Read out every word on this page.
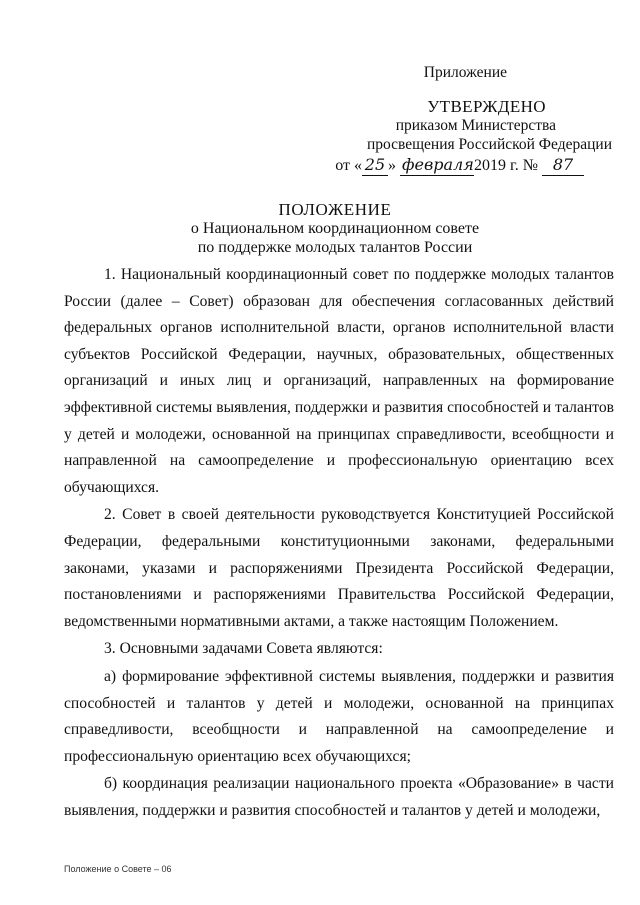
Приложение
УТВЕРЖДЕНО
приказом Министерства
просвещения Российской Федерации
от « 25 » февраля2019 г. № 87
ПОЛОЖЕНИЕ
о Национальном координационном совете
по поддержке молодых талантов России

1. Национальный координационный совет по поддержке молодых талантов России (далее – Совет) образован для обеспечения согласованных действий федеральных органов исполнительной власти, органов исполнительной власти субъектов Российской Федерации, научных, образовательных, общественных организаций и иных лиц и организаций, направленных на формирование эффективной системы выявления, поддержки и развития способностей и талантов у детей и молодежи, основанной на принципах справедливости, всеобщности и направленной на самоопределение и профессиональную ориентацию всех обучающихся.

2. Совет в своей деятельности руководствуется Конституцией Российской Федерации, федеральными конституционными законами, федеральными законами, указами и распоряжениями Президента Российской Федерации, постановлениями и распоряжениями Правительства Российской Федерации, ведомственными нормативными актами, а также настоящим Положением.

3. Основными задачами Совета являются:

а) формирование эффективной системы выявления, поддержки и развития способностей и талантов у детей и молодежи, основанной на принципах справедливости, всеобщности и направленной на самоопределение и профессиональную ориентацию всех обучающихся;

б) координация реализации национального проекта «Образование» в части выявления, поддержки и развития способностей и талантов у детей и молодежи,

Положение о Совете – 06
